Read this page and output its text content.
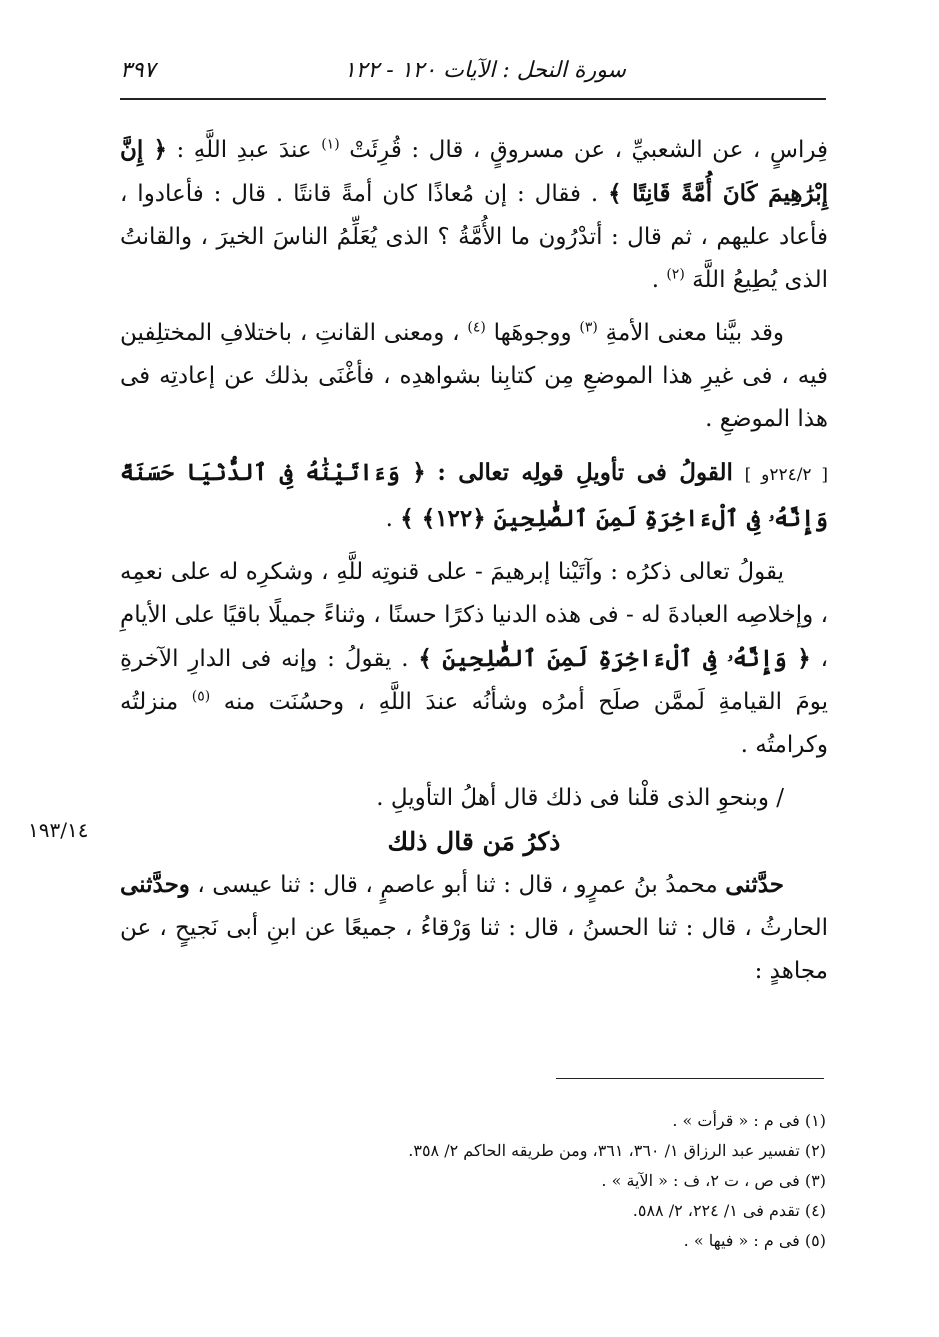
سورة النحل : الآيات ١٢٠ - ١٢٢
٣٩٧

فِراسٍ ، عن الشعبيِّ ، عن مسروقٍ ، قال : قُرِئَتْ $^{(١)}$ عندَ عبدِ اللَّهِ : ﴿ إِنَّ إِبْرَٰهِيمَ كَانَ أُمَّةً قَانِتًا ﴾ . فقال : إن مُعاذًا كان أمةً قانتًا . قال : فأعادوا ، فأعاد عليهم ، ثم قال : أتدْرُون ما الأُمَّةُ ؟ الذى يُعَلِّمُ الناسَ الخيرَ ، والقانتُ الذى يُطِيعُ اللَّهَ $^{(٢)}$ .

وقد بيَّنا معنى الأمةِ $^{(٣)}$ ووجوهَها $^{(٤)}$ ، ومعنى القانتِ ، باختلافِ المختلِفين فيه ، فى غيرِ هذا الموضعِ مِن كتابِنا بشواهدِه ، فأغْنَى بذلك عن إعادتِه فى هذا الموضعِ .

[ ٢٢٤/٢و ] القولُ فى تأويلِ قولِه تعالى : ﴿ وَءَاتَيْنَٰهُ فِى ٱلدُّنْيَا حَسَنَةً وَإِنَّهُۥ فِى ٱلْءَاخِرَةِ لَمِنَ ٱلصَّٰلِحِينَ ﴿١٢٢﴾ ﴾ .

يقولُ تعالى ذكرُه : وآتَيْنا إبرهيمَ - على قنوتِه للَّهِ ، وشكرِه له على نعمِه ، وإخلاصِه العبادةَ له - فى هذه الدنيا ذكرًا حسنًا ، وثناءً جميلًا باقيًا على الأيامِ ، ﴿ وَإِنَّهُۥ فِى ٱلْءَاخِرَةِ لَمِنَ ٱلصَّٰلِحِينَ ﴾ . يقولُ : وإنه فى الدارِ الآخرةِ يومَ القيامةِ لَممَّن صلَح أمرُه وشأنُه عندَ اللَّهِ ، وحسُنَت منه $^{(٥)}$ منزلتُه وكرامتُه .

/ وبنحوِ الذى قلْنا فى ذلك قال أهلُ التأويلِ .

ذكرُ مَن قال ذلك

حدَّثنى محمدُ بنُ عمرٍو ، قال : ثنا أبو عاصمٍ ، قال : ثنا عيسى ، وحدَّثنى الحارثُ ، قال : ثنا الحسنُ ، قال : ثنا وَرْقاءُ ، جميعًا عن ابنِ أبى نَجيحٍ ، عن مجاهدٍ :

١٩٣/١٤
(١) فى م : « قرأت » .
(٢) تفسير عبد الرزاق ١/ ٣٦٠، ٣٦١، ومن طريقه الحاكم ٢/ ٣٥٨.
(٣) فى ص ، ت ٢، ف : « الآية » .
(٤) تقدم فى ١/ ٢٢٤، ٢/ ٥٨٨.
(٥) فى م : « فيها » .
